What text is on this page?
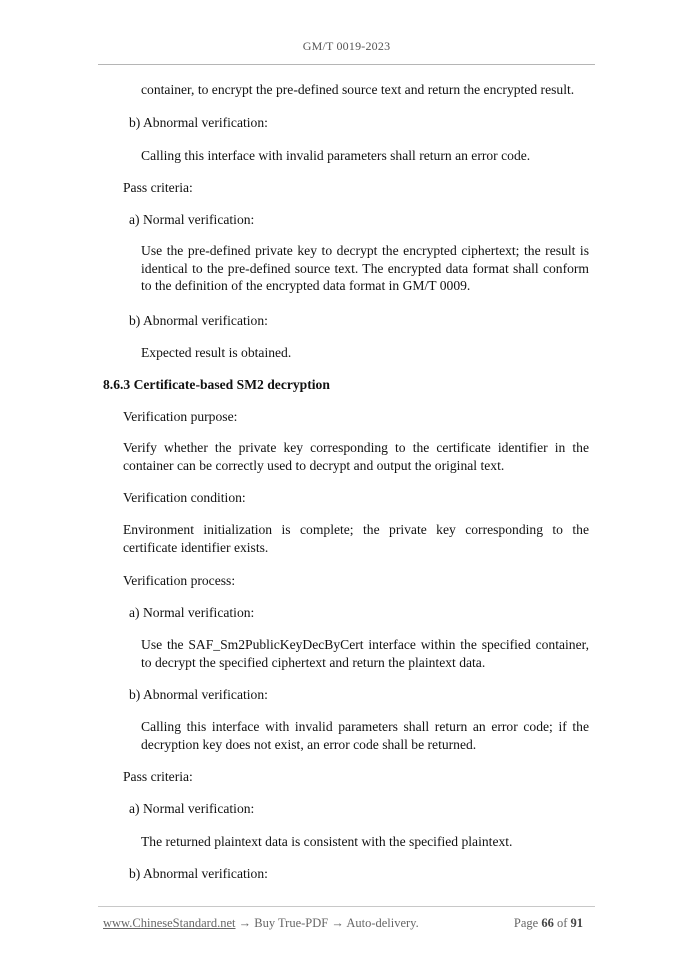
GM/T 0019-2023
container, to encrypt the pre-defined source text and return the encrypted result.
b) Abnormal verification:
Calling this interface with invalid parameters shall return an error code.
Pass criteria:
a) Normal verification:
Use the pre-defined private key to decrypt the encrypted ciphertext; the result is identical to the pre-defined source text. The encrypted data format shall conform to the definition of the encrypted data format in GM/T 0009.
b) Abnormal verification:
Expected result is obtained.
8.6.3 Certificate-based SM2 decryption
Verification purpose:
Verify whether the private key corresponding to the certificate identifier in the container can be correctly used to decrypt and output the original text.
Verification condition:
Environment initialization is complete; the private key corresponding to the certificate identifier exists.
Verification process:
a) Normal verification:
Use the SAF_Sm2PublicKeyDecByCert interface within the specified container, to decrypt the specified ciphertext and return the plaintext data.
b) Abnormal verification:
Calling this interface with invalid parameters shall return an error code; if the decryption key does not exist, an error code shall be returned.
Pass criteria:
a) Normal verification:
The returned plaintext data is consistent with the specified plaintext.
b) Abnormal verification:
www.ChineseStandard.net → Buy True-PDF → Auto-delivery.	Page 66 of 91
